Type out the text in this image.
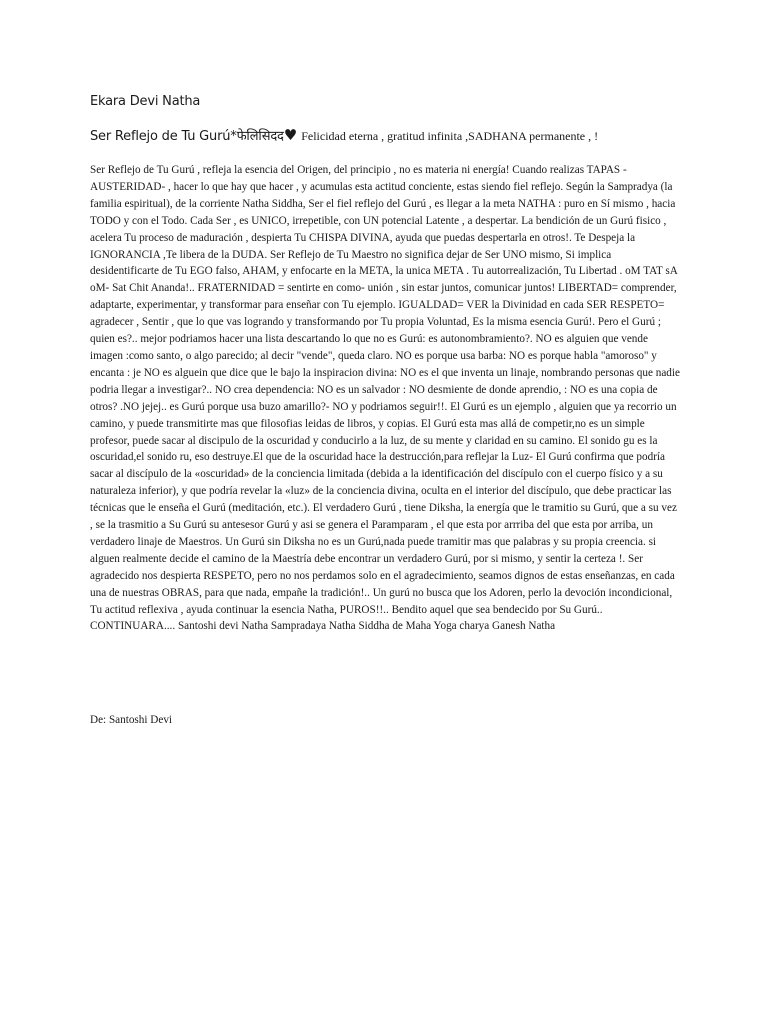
Ekara Devi Natha
Ser Reflejo de Tu Gurú*फेलिसिदद♥ Felicidad eterna , gratitud infinita ,SADHANA permanente , !
Ser Reflejo de Tu Gurú , refleja la esencia del Origen, del principio , no es materia ni energía! Cuando realizas TAPAS - AUSTERIDAD- , hacer lo que hay que hacer , y acumulas esta actitud conciente, estas siendo fiel reflejo. Según la Sampradya (la familia espiritual), de la corriente Natha Siddha, Ser el fiel reflejo del Gurú , es llegar a la meta NATHA : puro en Sí mismo , hacia TODO y con el Todo. Cada Ser , es UNICO, irrepetible, con UN potencial Latente , a despertar. La bendición de un Gurú fisico , acelera Tu proceso de maduración , despierta Tu CHISPA DIVINA, ayuda que puedas despertarla en otros!. Te Despeja la IGNORANCIA ,Te libera de la DUDA. Ser Reflejo de Tu Maestro no significa dejar de Ser UNO mismo, Si implica desidentificarte de Tu EGO falso, AHAM, y enfocarte en la META, la unica META . Tu autorrealización, Tu Libertad . oM TAT sA oM- Sat Chit Ananda!.. FRATERNIDAD = sentirte en como- unión , sin estar juntos, comunicar juntos! LIBERTAD= comprender, adaptarte, experimentar, y transformar para enseñar con Tu ejemplo. IGUALDAD= VER la Divinidad en cada SER RESPETO= agradecer , Sentir , que lo que vas logrando y transformando por Tu propia Voluntad, Es la misma esencia Gurú!. Pero el Gurú ; quien es?.. mejor podriamos hacer una lista descartando lo que no es Gurú: es autonombramiento?. NO es alguien que vende imagen :como santo, o algo parecido; al decir "vende", queda claro. NO es porque usa barba: NO es porque habla "amoroso" y encanta : je NO es alguein que dice que le bajo la inspiracion divina: NO es el que inventa un linaje, nombrando personas que nadie podria llegar a investigar?.. NO crea dependencia: NO es un salvador : NO desmiente de donde aprendio, : NO es una copia de otros? .NO jejej.. es Gurú porque usa buzo amarillo?- NO y podriamos seguir!!. El Gurú es un ejemplo , alguien que ya recorrio un camino, y puede transmitirte mas que filosofias leidas de libros, y copias. El Gurú esta mas allá de competir,no es un simple profesor, puede sacar al discipulo de la oscuridad y conducirlo a la luz, de su mente y claridad en su camino. El sonido gu es la oscuridad,el sonido ru, eso destruye.El que de la oscuridad hace la destrucción,para reflejar la Luz- El Gurú confirma que podría sacar al discípulo de la «oscuridad» de la conciencia limitada (debida a la identificación del discípulo con el cuerpo físico y a su naturaleza inferior), y que podría revelar la «luz» de la conciencia divina, oculta en el interior del discípulo, que debe practicar las técnicas que le enseña el Gurú (meditación, etc.). El verdadero Gurú , tiene Diksha, la energía que le tramitio su Gurú, que a su vez , se la trasmitio a Su Gurú su antesesor Gurú y asi se genera el Paramparam , el que esta por arrriba del que esta por arriba, un verdadero linaje de Maestros. Un Gurú sin Diksha no es un Gurú,nada puede tramitir mas que palabras y su propia creencia. si alguen realmente decide el camino de la Maestría debe encontrar un verdadero Gurú, por si mismo, y sentir la certeza !. Ser agradecido nos despierta RESPETO, pero no nos perdamos solo en el agradecimiento, seamos dignos de estas enseñanzas, en cada una de nuestras OBRAS, para que nada, empañe la tradición!.. Un gurú no busca que los Adoren, perlo la devoción incondicional, Tu actitud reflexiva , ayuda continuar la esencia Natha, PUROS!!.. Bendito aquel que sea bendecido por Su Gurú.. CONTINUARA.... Santoshi devi Natha Sampradaya Natha Siddha de Maha Yoga charya Ganesh Natha
De: Santoshi Devi
